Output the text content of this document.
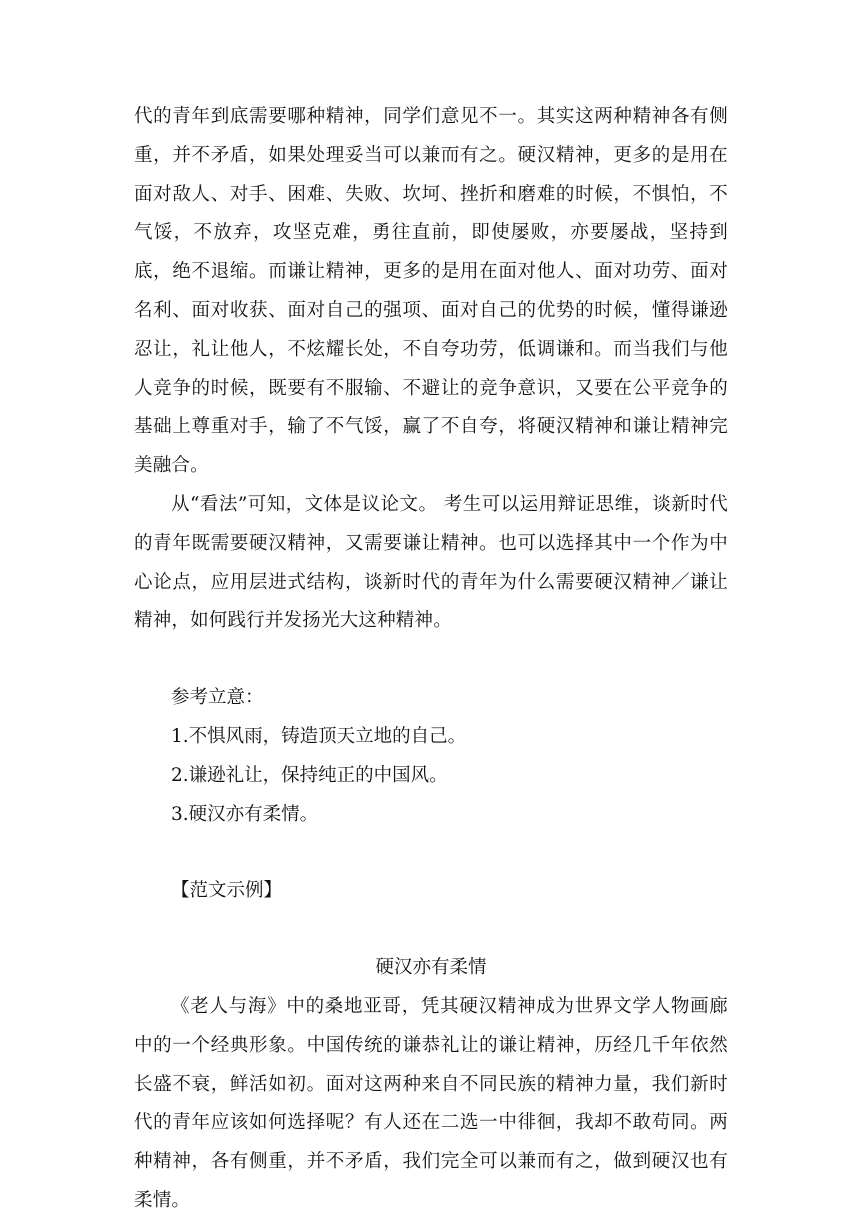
代的青年到底需要哪种精神，同学们意见不一。其实这两种精神各有侧重，并不矛盾，如果处理妥当可以兼而有之。硬汉精神，更多的是用在面对敌人、对手、困难、失败、坎坷、挫折和磨难的时候，不惧怕，不气馁，不放弃，攻坚克难，勇往直前，即使屡败，亦要屡战，坚持到底，绝不退缩。而谦让精神，更多的是用在面对他人、面对功劳、面对名利、面对收获、面对自己的强项、面对自己的优势的时候，懂得谦逊忍让，礼让他人，不炫耀长处，不自夸功劳，低调谦和。而当我们与他人竞争的时候，既要有不服输、不避让的竞争意识，又要在公平竞争的基础上尊重对手，输了不气馁，赢了不自夸，将硬汉精神和谦让精神完美融合。

从“看法”可知，文体是议论文。 考生可以运用辩证思维，谈新时代的青年既需要硬汉精神，又需要谦让精神。也可以选择其中一个作为中心论点，应用层进式结构，谈新时代的青年为什么需要硬汉精神／谦让精神，如何践行并发扬光大这种精神。

参考立意：

1.不惧风雨，铸造顶天立地的自己。

2.谦逊礼让，保持纯正的中国风。

3.硬汉亦有柔情。

【范文示例】

硬汉亦有柔情

《老人与海》中的桑地亚哥，凭其硬汉精神成为世界文学人物画廊中的一个经典形象。中国传统的谦恭礼让的谦让精神，历经几千年依然长盛不衰，鲜活如初。面对这两种来自不同民族的精神力量，我们新时代的青年应该如何选择呢？有人还在二选一中徘徊，我却不敢苟同。两种精神，各有侧重，并不矛盾，我们完全可以兼而有之，做到硬汉也有柔情。
